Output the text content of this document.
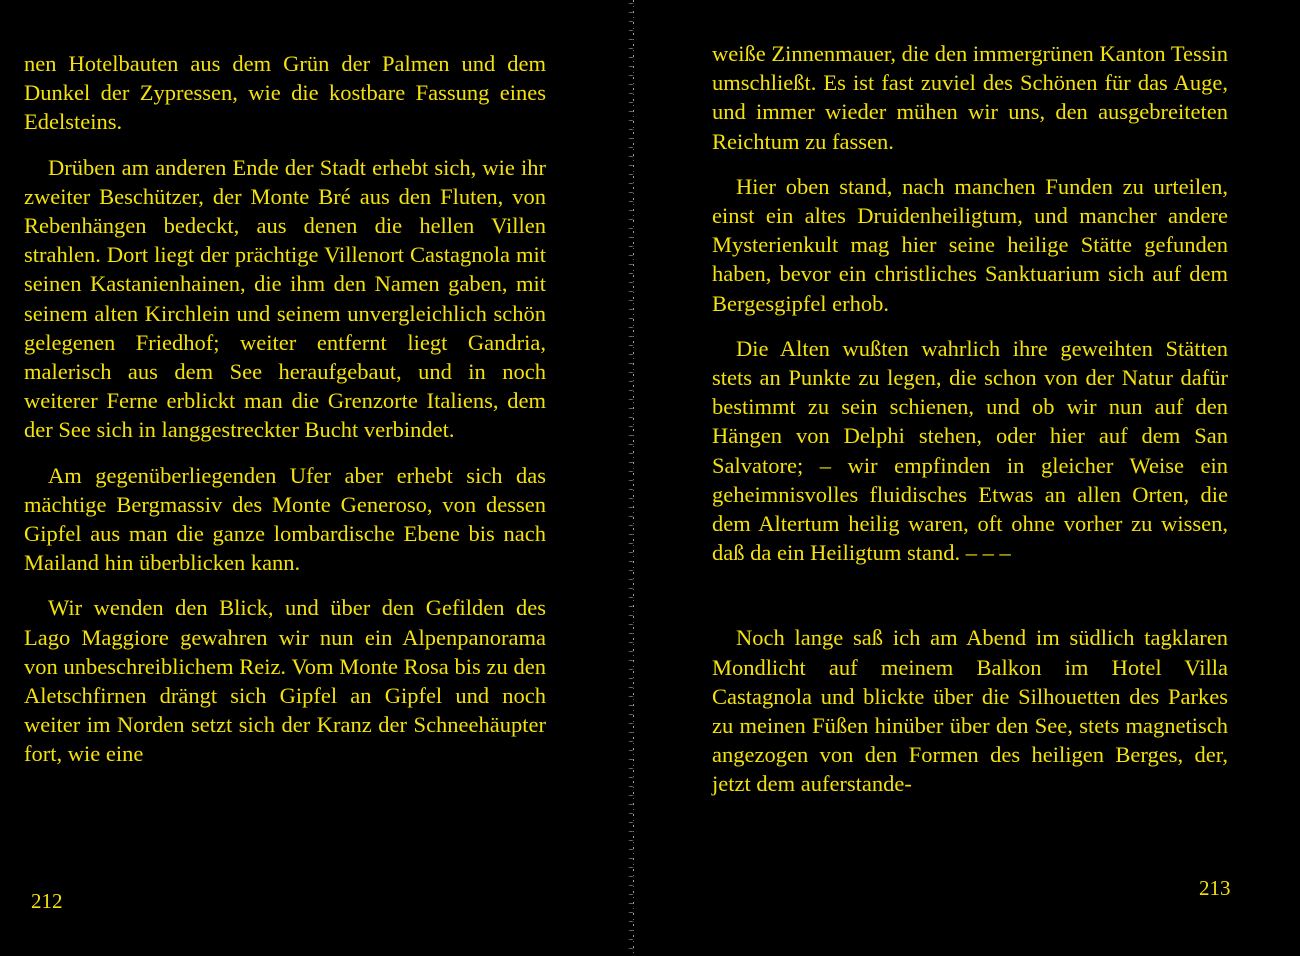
nen Hotelbauten aus dem Grün der Palmen und dem Dunkel der Zypressen, wie die kostbare Fassung eines Edelsteins.

Drüben am anderen Ende der Stadt erhebt sich, wie ihr zweiter Beschützer, der Monte Bré aus den Fluten, von Rebenhängen bedeckt, aus denen die hellen Villen strahlen. Dort liegt der prächtige Villenort Castagnola mit seinen Kastanienhainen, die ihm den Namen gaben, mit seinem alten Kirchlein und seinem unvergleichlich schön gelegenen Friedhof; weiter entfernt liegt Gandria, malerisch aus dem See heraufgebaut, und in noch weiterer Ferne erblickt man die Grenzorte Italiens, dem der See sich in langgestreckter Bucht verbindet.

Am gegenüberliegenden Ufer aber erhebt sich das mächtige Bergmassiv des Monte Generoso, von dessen Gipfel aus man die ganze lombardische Ebene bis nach Mailand hin überblicken kann.

Wir wenden den Blick, und über den Gefilden des Lago Maggiore gewahren wir nun ein Alpenpanorama von unbeschreiblichem Reiz. Vom Monte Rosa bis zu den Aletschfirnen drängt sich Gipfel an Gipfel und noch weiter im Norden setzt sich der Kranz der Schneehäupter fort, wie eine

212

weiße Zinnenmauer, die den immergrünen Kanton Tessin umschließt. Es ist fast zuviel des Schönen für das Auge, und immer wieder mühen wir uns, den ausgebreiteten Reichtum zu fassen.

Hier oben stand, nach manchen Funden zu urteilen, einst ein altes Druidenheiligtum, und mancher andere Mysterienkult mag hier seine heilige Stätte gefunden haben, bevor ein christliches Sanktuarium sich auf dem Bergesgipfel erhob.

Die Alten wußten wahrlich ihre geweihten Stätten stets an Punkte zu legen, die schon von der Natur dafür bestimmt zu sein schienen, und ob wir nun auf den Hängen von Delphi stehen, oder hier auf dem San Salvatore; – wir empfinden in gleicher Weise ein geheimnisvolles fluidisches Etwas an allen Orten, die dem Altertum heilig waren, oft ohne vorher zu wissen, daß da ein Heiligtum stand. – – –

Noch lange saß ich am Abend im südlich tagklaren Mondlicht auf meinem Balkon im Hotel Villa Castagnola und blickte über die Silhouetten des Parkes zu meinen Füßen hinüber über den See, stets magnetisch angezogen von den Formen des heiligen Berges, der, jetzt dem auferstande-

213
